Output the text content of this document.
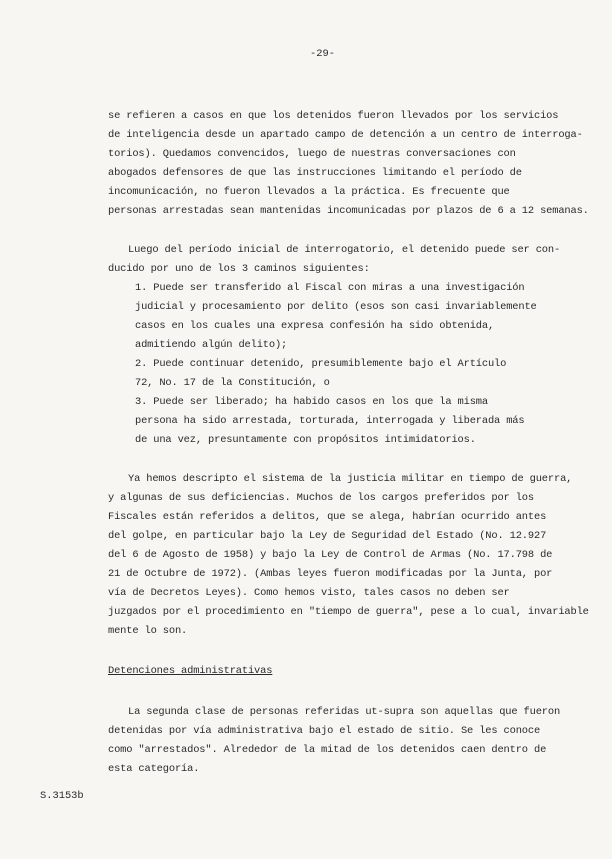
-29-
se refieren a casos en que los detenidos fueron llevados por los servicios
de inteligencia desde un apartado campo de detención a un centro de interroga-
torios). Quedamos convencidos, luego de nuestras conversaciones con
abogados defensores de que las instrucciones limitando el período de
incomunicación, no fueron llevados a la práctica. Es frecuente que
personas arrestadas sean mantenidas incomunicadas por plazos de 6 a 12 semanas.
Luego del período inicial de interrogatorio, el detenido puede ser con-
ducido por uno de los 3 caminos siguientes:
1. Puede ser transferido al Fiscal con miras a una investigación
judicial y procesamiento por delito (esos son casi invariablemente
casos en los cuales una expresa confesión ha sido obtenida,
admitiendo algún delito);
2. Puede continuar detenido, presumiblemente bajo el Artículo
72, No. 17 de la Constitución, o
3. Puede ser liberado; ha habido casos en los que la misma
persona ha sido arrestada, torturada, interrogada y liberada más
de una vez, presuntamente con propósitos intimidatorios.
Ya hemos descripto el sistema de la justicia militar en tiempo de guerra,
y algunas de sus deficiencias. Muchos de los cargos preferidos por los
Fiscales están referidos a delitos, que se alega, habrían ocurrido antes
del golpe, en particular bajo la Ley de Seguridad del Estado (No. 12.927
del 6 de Agosto de 1958) y bajo la Ley de Control de Armas (No. 17.798 de
21 de Octubre de 1972). (Ambas leyes fueron modificadas por la Junta, por
vía de Decretos Leyes). Como hemos visto, tales casos no deben ser
juzgados por el procedimiento en "tiempo de guerra", pese a lo cual, invariable
mente lo son.
Detenciones administrativas
La segunda clase de personas referidas ut-supra son aquellas que fueron
detenidas por vía administrativa bajo el estado de sitio. Se les conoce
como "arrestados". Alrededor de la mitad de los detenidos caen dentro de
esta categoría.
S.3153b
